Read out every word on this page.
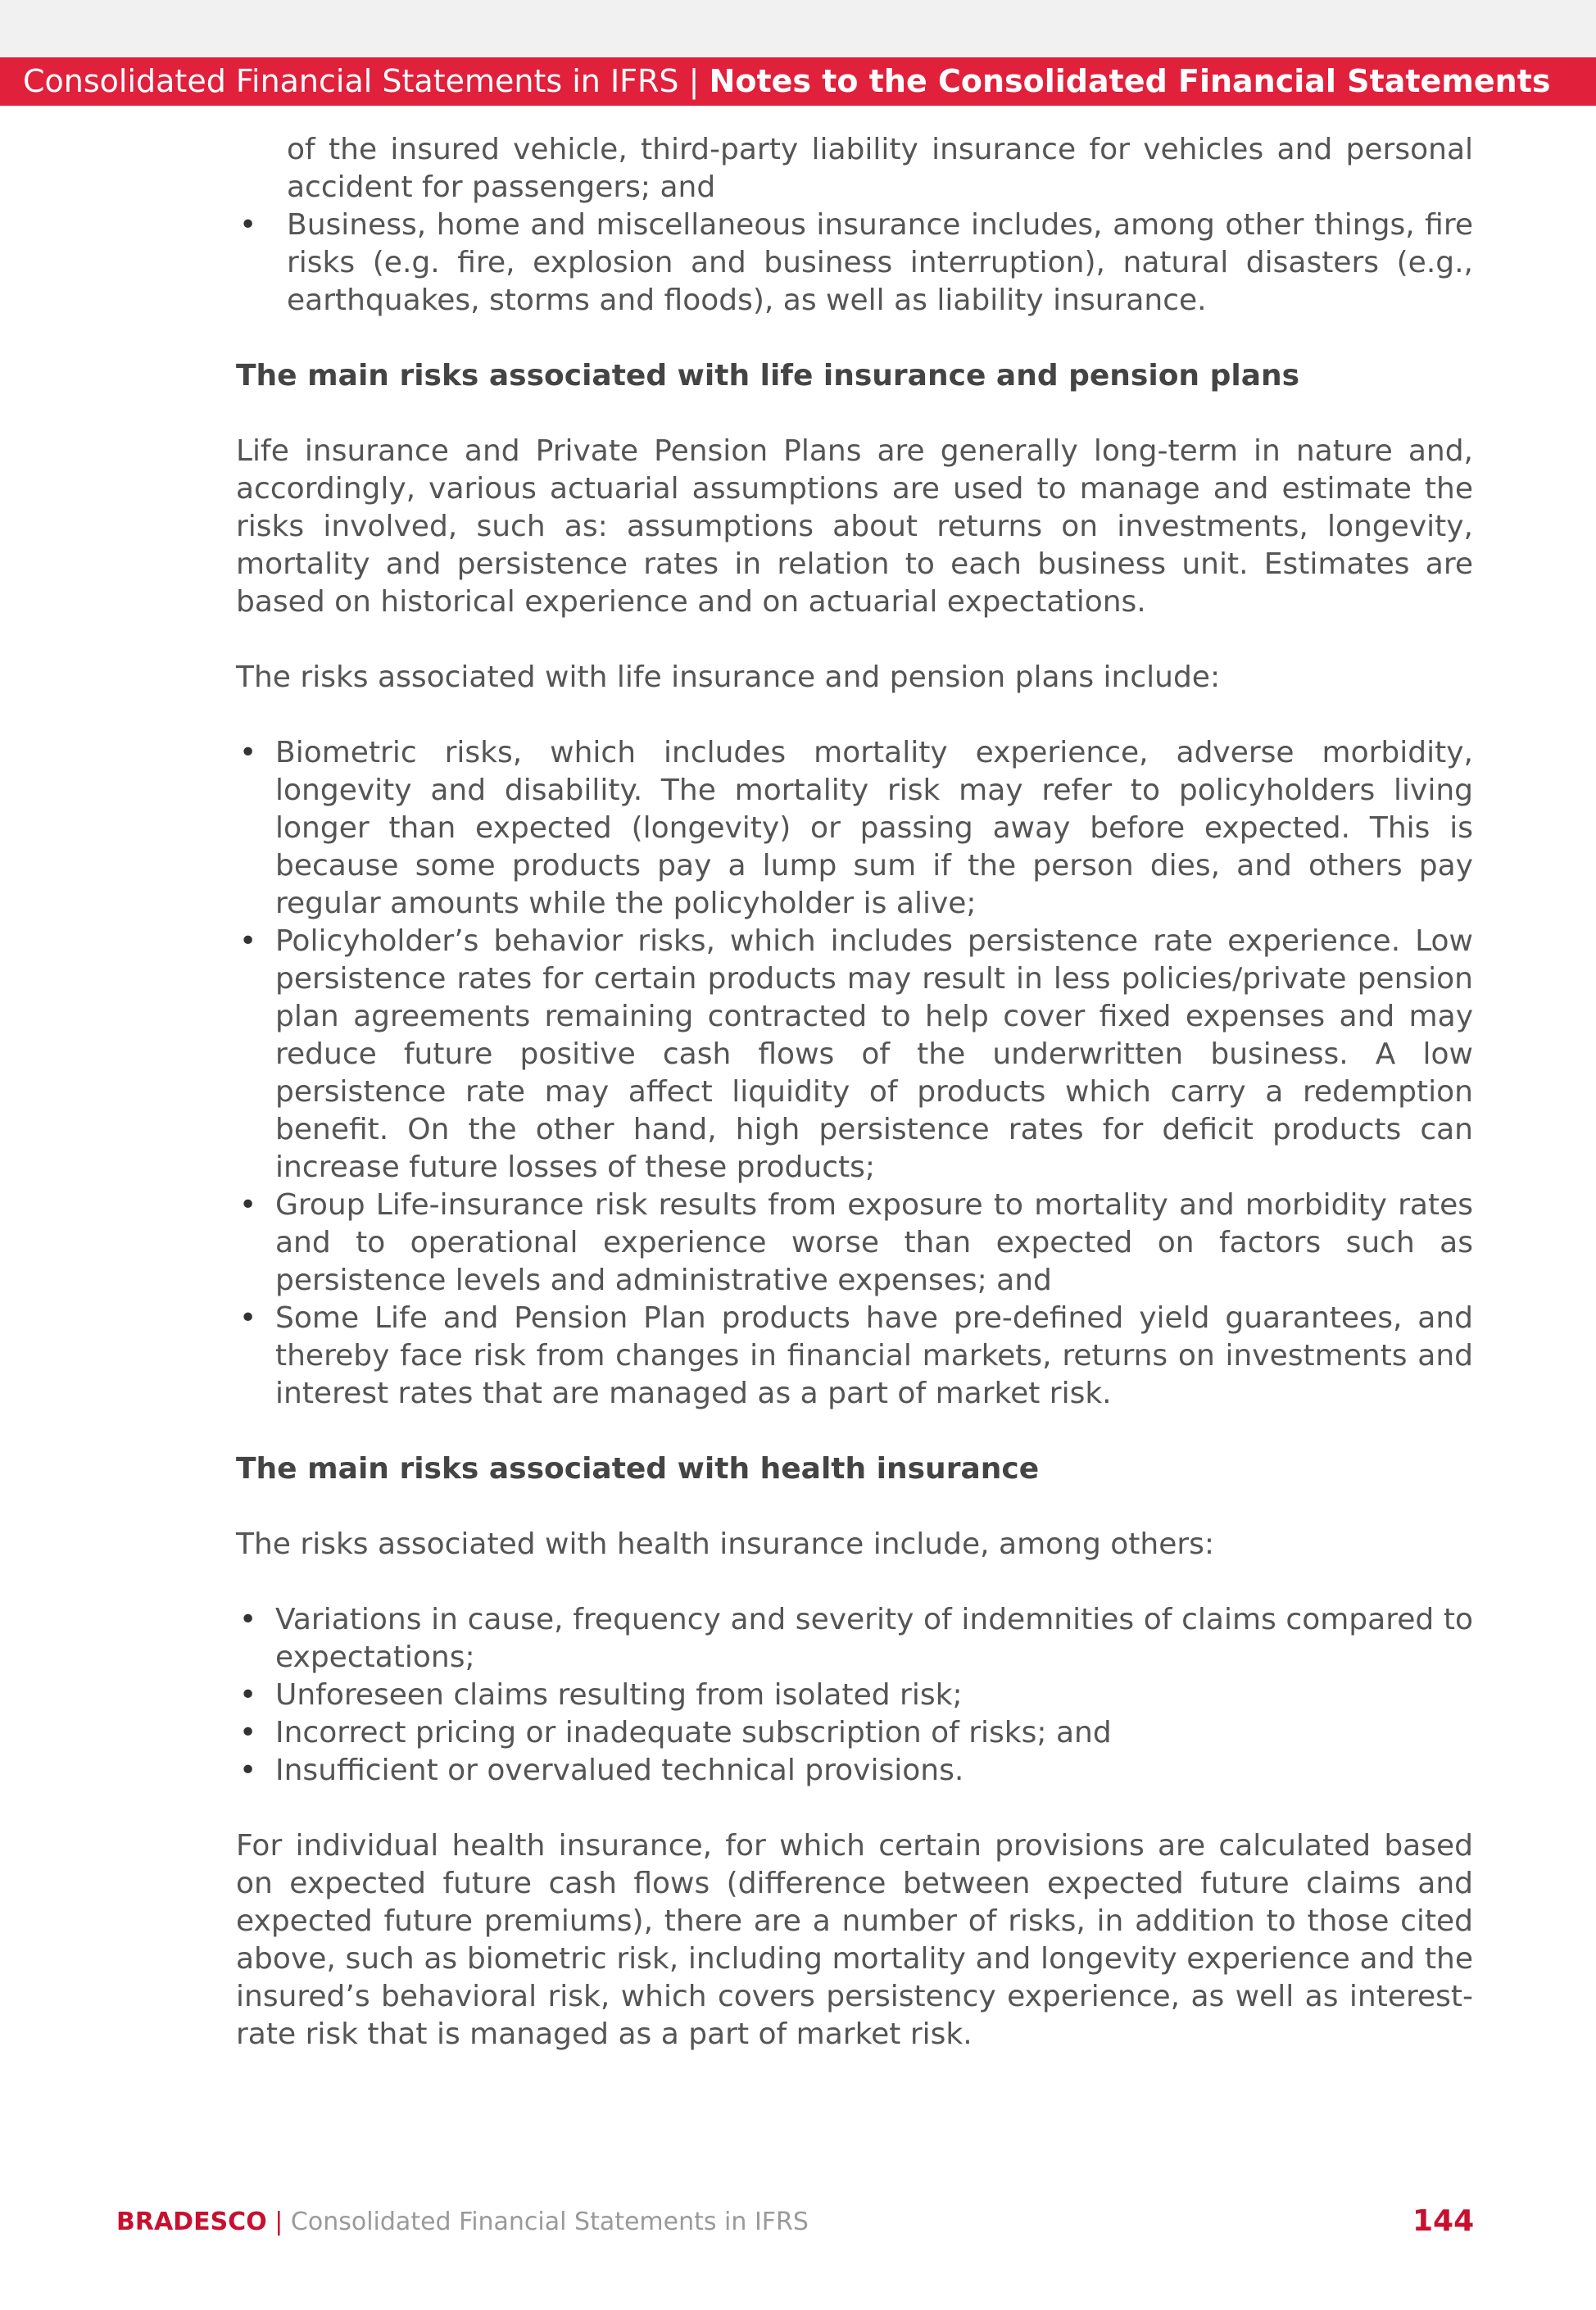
Consolidated Financial Statements in IFRS | Notes to the Consolidated Financial Statements
of the insured vehicle, third-party liability insurance for vehicles and personal accident for passengers; and
• Business, home and miscellaneous insurance includes, among other things, fire risks (e.g. fire, explosion and business interruption), natural disasters (e.g., earthquakes, storms and floods), as well as liability insurance.
The main risks associated with life insurance and pension plans

Life insurance and Private Pension Plans are generally long-term in nature and, accordingly, various actuarial assumptions are used to manage and estimate the risks involved, such as: assumptions about returns on investments, longevity, mortality and persistence rates in relation to each business unit. Estimates are based on historical experience and on actuarial expectations.

The risks associated with life insurance and pension plans include:

• Biometric risks, which includes mortality experience, adverse morbidity, longevity and disability. The mortality risk may refer to policyholders living longer than expected (longevity) or passing away before expected. This is because some products pay a lump sum if the person dies, and others pay regular amounts while the policyholder is alive;
• Policyholder’s behavior risks, which includes persistence rate experience. Low persistence rates for certain products may result in less policies/private pension plan agreements remaining contracted to help cover fixed expenses and may reduce future positive cash flows of the underwritten business. A low persistence rate may affect liquidity of products which carry a redemption benefit. On the other hand, high persistence rates for deficit products can increase future losses of these products;
• Group Life-insurance risk results from exposure to mortality and morbidity rates and to operational experience worse than expected on factors such as persistence levels and administrative expenses; and
• Some Life and Pension Plan products have pre-defined yield guarantees, and thereby face risk from changes in financial markets, returns on investments and interest rates that are managed as a part of market risk.
The main risks associated with health insurance

The risks associated with health insurance include, among others:

• Variations in cause, frequency and severity of indemnities of claims compared to expectations;
• Unforeseen claims resulting from isolated risk;
• Incorrect pricing or inadequate subscription of risks; and
• Insufficient or overvalued technical provisions.

For individual health insurance, for which certain provisions are calculated based on expected future cash flows (difference between expected future claims and expected future premiums), there are a number of risks, in addition to those cited above, such as biometric risk, including mortality and longevity experience and the insured’s behavioral risk, which covers persistency experience, as well as interest-rate risk that is managed as a part of market risk.

BRADESCO | Consolidated Financial Statements in IFRS	144
